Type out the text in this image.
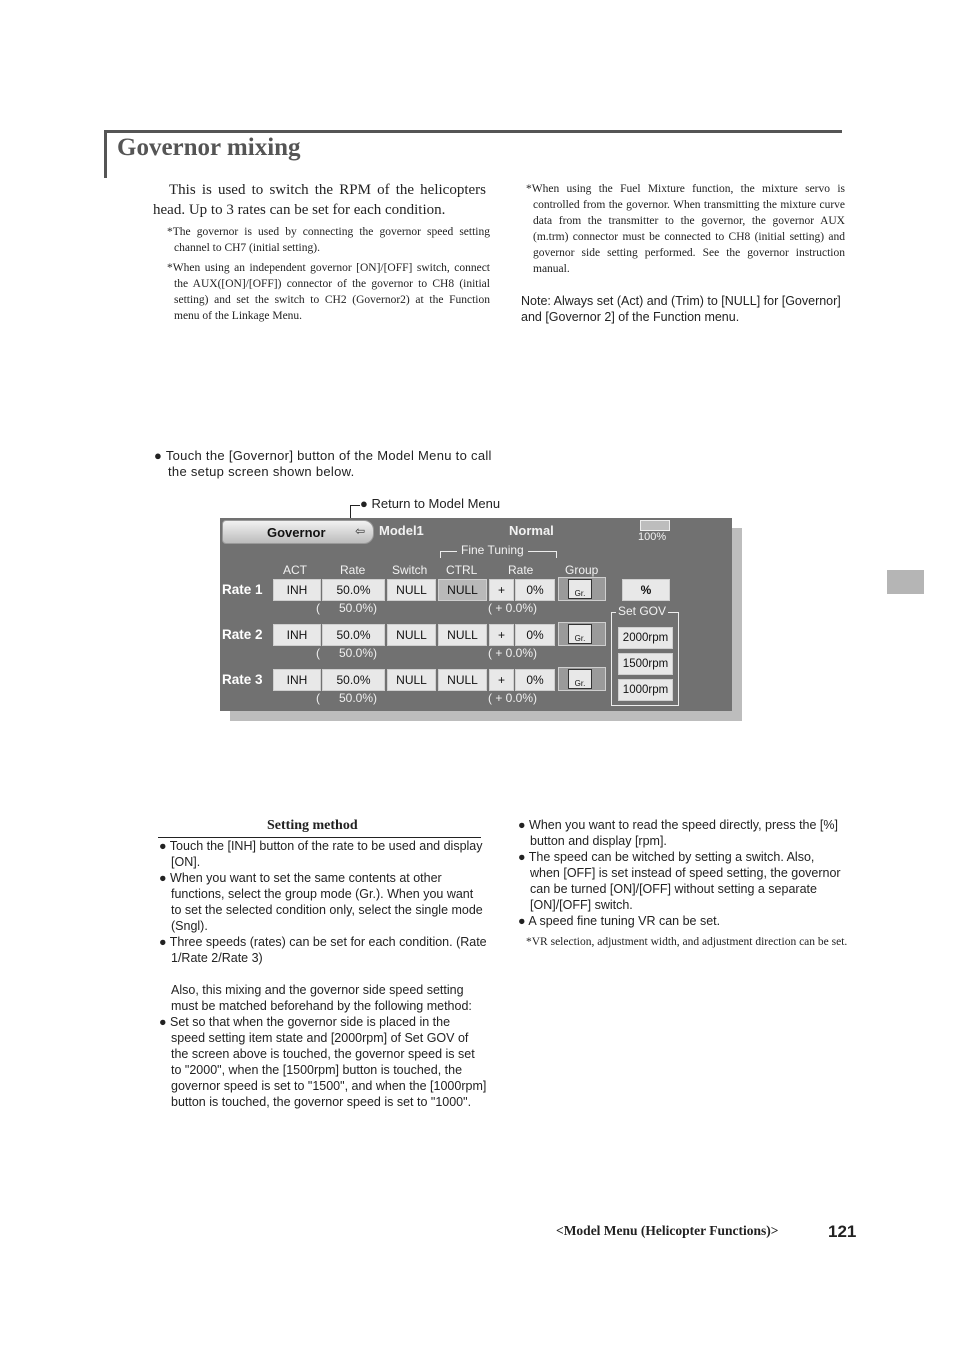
Governor mixing
This is used to switch the RPM of the helicopters head. Up to 3 rates can be set for each condition.
*The governor is used by connecting the governor speed setting channel to CH7 (initial setting).
*When using an independent governor [ON]/[OFF] switch, connect the AUX([ON]/[OFF]) connector of the governor to CH8 (initial setting) and set the switch to CH2 (Governor2) at the Function menu of the Linkage Menu.
*When using the Fuel Mixture function, the mixture servo is controlled from the governor. When transmitting the mixture curve data from the transmitter to the governor, the governor AUX (m.trm) connector must be connected to CH8 (initial setting) and governor side setting performed. See the governor instruction manual.
Note: Always set (Act) and (Trim) to [NULL] for [Governor] and [Governor 2] of the Function menu.
● Touch the [Governor] button of the Model Menu to call the setup screen shown below.
● Return to Model Menu
Governor ⇦ Model1	Normal	100%
Fine Tuning
ACT	Rate Switch CTRL	Rate	Group
Rate 1	INH	50.0%	NULL	NULL	+	0%	Gr.
( 50.0%)	( + 0.0%)
Rate 2	INH	50.0%	NULL	NULL	+	0%	Gr.
( 50.0%)	( + 0.0%)
Rate 3	INH	50.0%	NULL	NULL	+	0%	Gr.
( 50.0%)	( + 0.0%)
%
Set GOV
2000rpm
1500rpm
1000rpm
Setting method
● Touch the [INH] button of the rate to be used and display [ON].
● When you want to set the same contents at other functions, select the group mode (Gr.). When you want to set the selected condition only, select the single mode (Sngl).
● Three speeds (rates) can be set for each condition. (Rate 1/Rate 2/Rate 3)
Also, this mixing and the governor side speed setting must be matched beforehand by the following method:
● Set so that when the governor side is placed in the speed setting item state and [2000rpm] of Set GOV of the screen above is touched, the governor speed is set to "2000", when the [1500rpm] button is touched, the governor speed is set to "1500", and when the [1000rpm] button is touched, the governor speed is set to "1000".
● When you want to read the speed directly, press the [%] button and display [rpm].
● The speed can be witched by setting a switch. Also, when [OFF] is set instead of speed setting, the governor can be turned [ON]/[OFF] without setting a separate [ON]/[OFF] switch.
● A speed fine tuning VR can be set.
*VR selection, adjustment width, and adjustment direction can be set.
<Model Menu (Helicopter Functions)>	121
